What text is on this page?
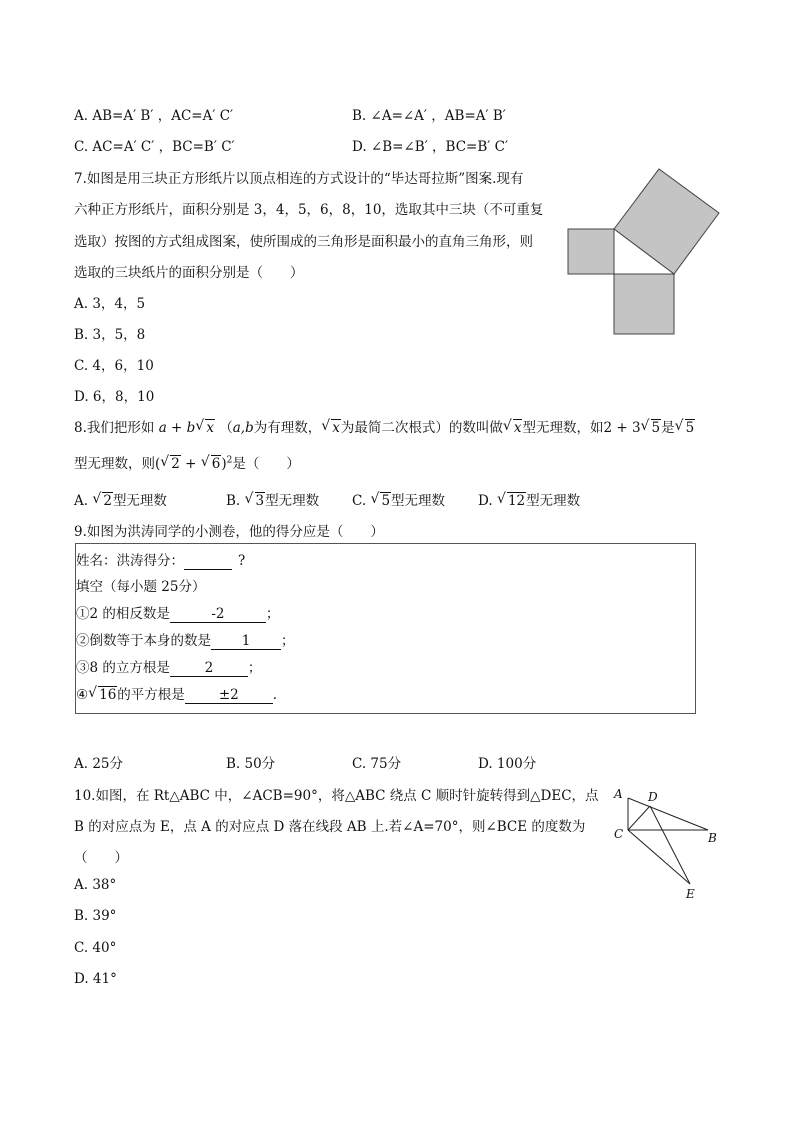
A. AB=A′ B′ ，AC=A′ C′	B. ∠A=∠A′ ，AB=A′ B′
C. AC=A′ C′ ，BC=B′ C′	D. ∠B=∠B′ ，BC=B′ C′
7.如图是用三块正方形纸片以顶点相连的方式设计的“毕达哥拉斯”图案.现有
六种正方形纸片，面积分别是 3，4，5，6，8，10，选取其中三块（不可重复
选取）按图的方式组成图案，使所围成的三角形是面积最小的直角三角形，则
选取的三块纸片的面积分别是（　　）
A. 3，4，5
B. 3，5，8
C. 4，6，10
D. 6，8，10
8.我们把形如 a + b √ x （a,b为有理数， √ x为最简二次根式）的数叫做 √ x型无理数，如2 + 3 √ 5是 √ 5
型无理数，则( √ 2 + √ 6)$^2$是（　　）
A. √ 2型无理数	B. √ 3型无理数 C. √ 5型无理数 D. √ 12型无理数
9.如图为洪涛同学的小测卷，他的得分应是（　　）
姓名：洪涛得分：	?
填空（每小题 25分）
①2 的相反数是	-2	；
②倒数等于本身的数是 1 ；
③8 的立方根是	2	；
④ √ 16的平方根是	±2	.
A. 25分	B. 50分	C. 75分	D. 100分
10.如图，在 Rt△ABC 中，∠ACB=90°，将△ABC 绕点 C 顺时针旋转得到△DEC，点
B 的对应点为 E，点 A 的对应点 D 落在线段 AB 上.若∠A=70°，则∠BCE 的度数为
（　　）
A. 38°
B. 39°
C. 40°
D. 41°
A D
C	B
E
